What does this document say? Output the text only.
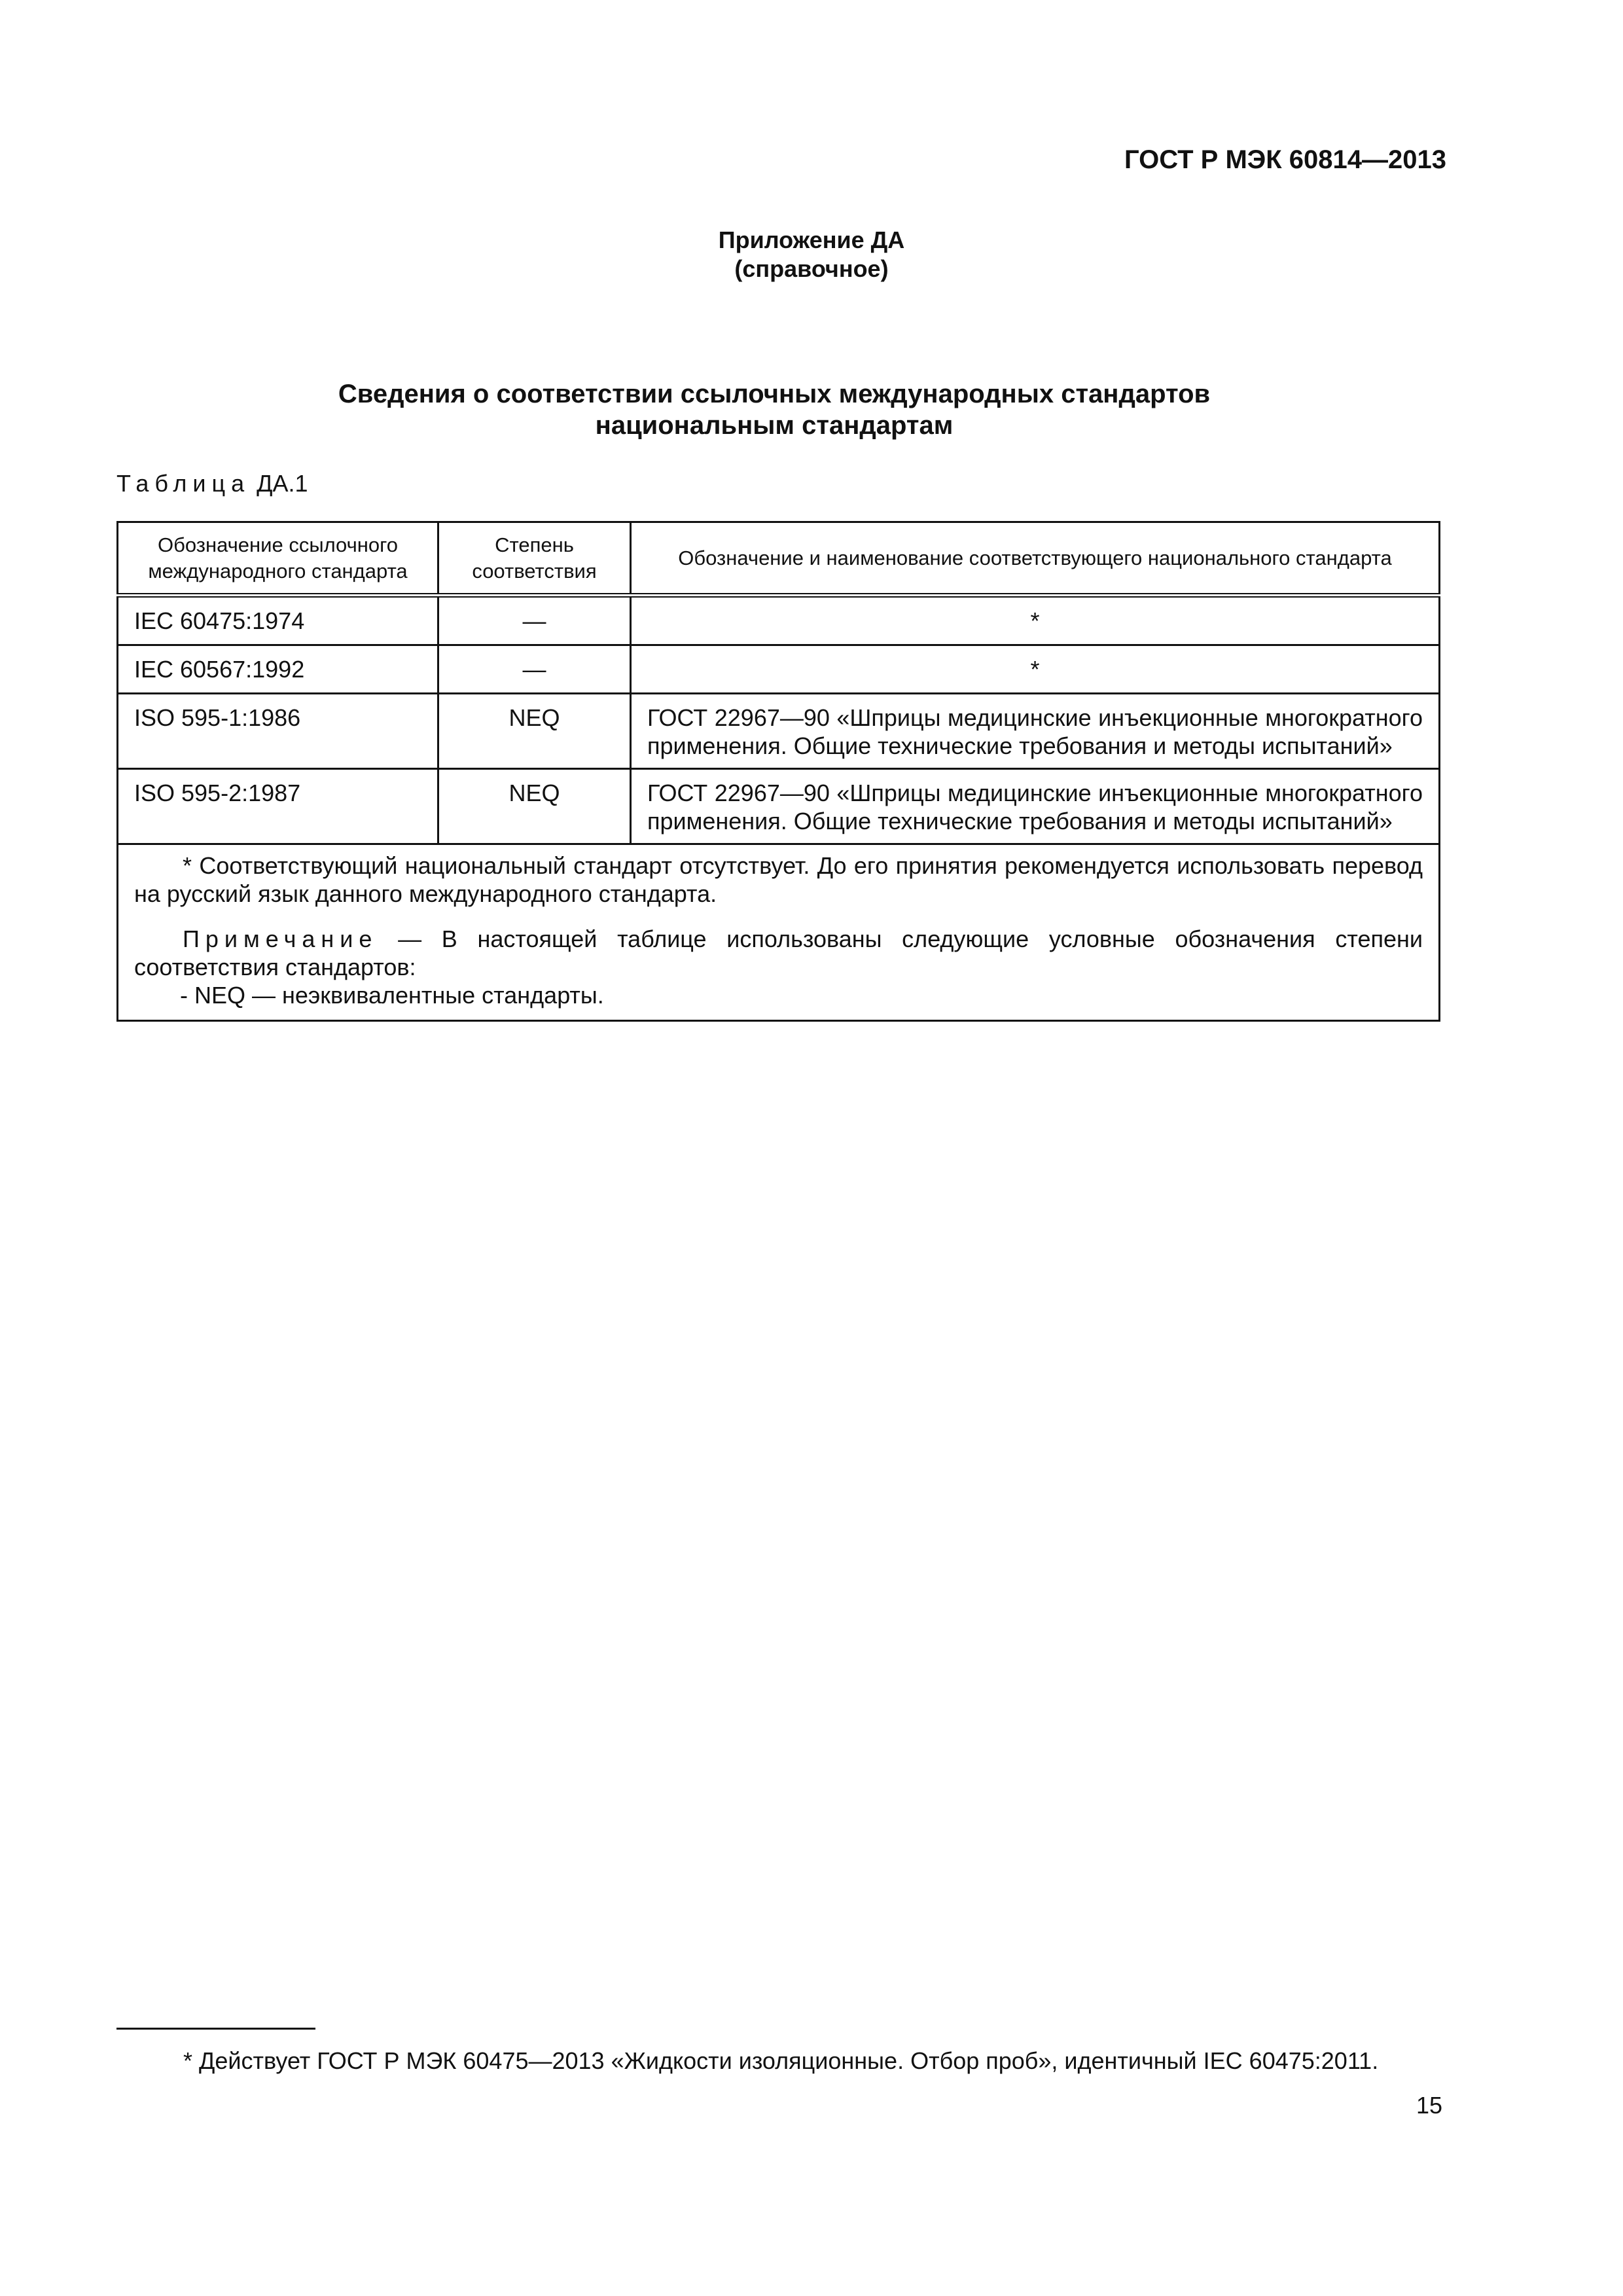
ГОСТ Р МЭК 60814—2013
Приложение ДА
(справочное)
Сведения о соответствии ссылочных международных стандартов
национальным стандартам
Таблица ДА.1
Обозначение ссылочного международного стандарта	Степень соответствия	Обозначение и наименование соответствующего национального стандарта
IEC 60475:1974	—	*
IEC 60567:1992	—	*
ISO 595-1:1986	NEQ	ГОСТ 22967—90 «Шприцы медицинские инъекционные многократного применения. Общие технические требования и методы испытаний»
ISO 595-2:1987	NEQ	ГОСТ 22967—90 «Шприцы медицинские инъекционные многократного применения. Общие технические требования и методы испытаний»

* Соответствующий национальный стандарт отсутствует. До его принятия рекомендуется использовать перевод на русский язык данного международного стандарта.

Примечание — В настоящей таблице использованы следующие условные обозначения степени соответствия стандартов:

- NEQ — неэквивалентные стандарты.		

* Действует ГОСТ Р МЭК 60475—2013 «Жидкости изоляционные. Отбор проб», идентичный IEC 60475:2011.
15
